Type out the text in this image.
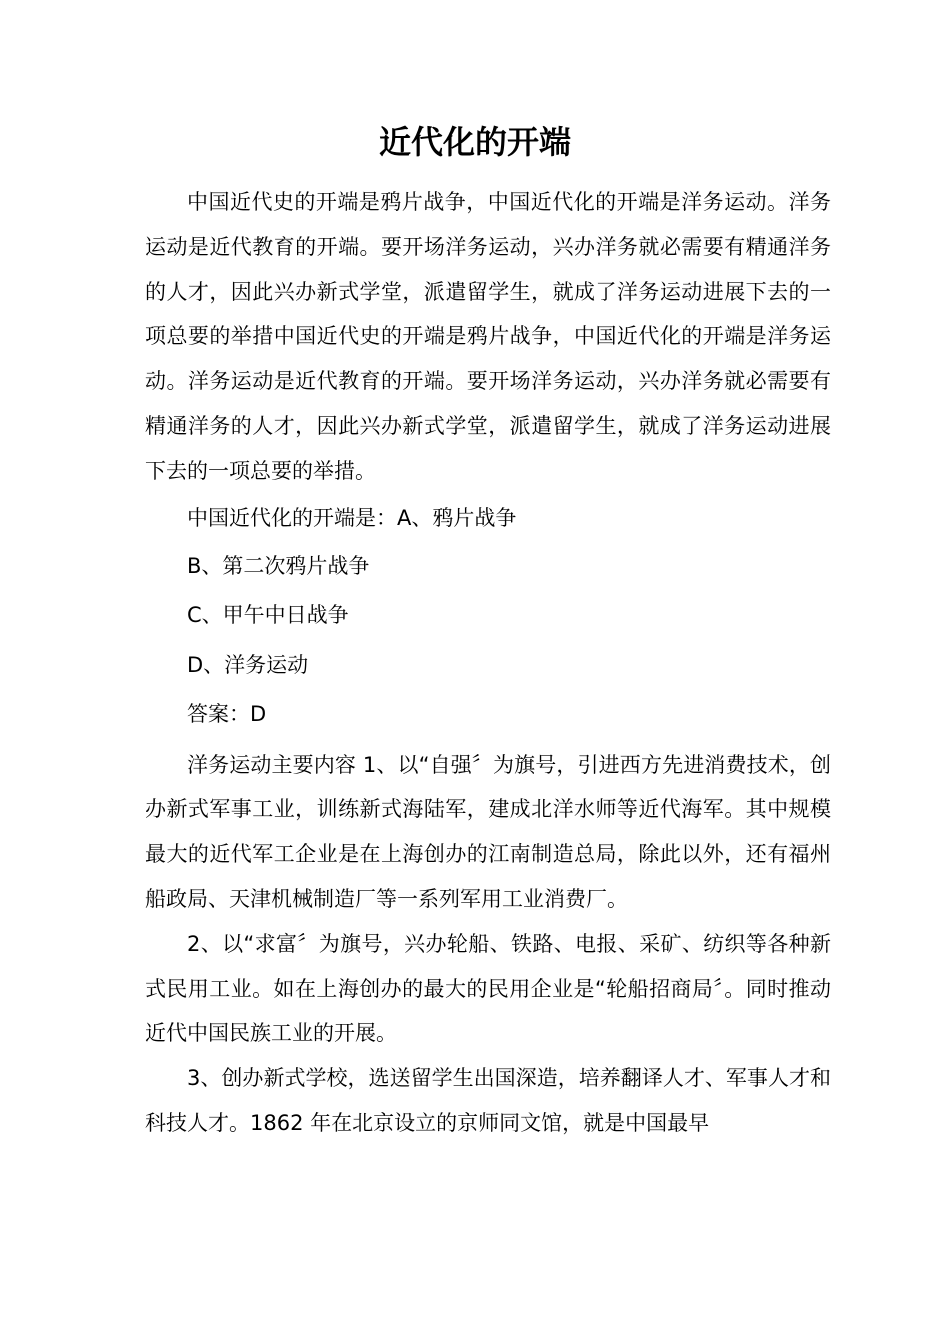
近代化的开端

中国近代史的开端是鸦片战争，中国近代化的开端是洋务运动。洋务运动是近代教育的开端。要开场洋务运动，兴办洋务就必需要有精通洋务的人才，因此兴办新式学堂，派遣留学生，就成了洋务运动进展下去的一项总要的举措中国近代史的开端是鸦片战争，中国近代化的开端是洋务运动。洋务运动是近代教育的开端。要开场洋务运动，兴办洋务就必需要有精通洋务的人才，因此兴办新式学堂，派遣留学生，就成了洋务运动进展下去的一项总要的举措。

中国近代化的开端是：A、鸦片战争

B、第二次鸦片战争

C、甲午中日战争

D、洋务运动

答案：D

洋务运动主要内容 1、以“自强〞为旗号，引进西方先进消费技术，创办新式军事工业，训练新式海陆军，建成北洋水师等近代海军。其中规模最大的近代军工企业是在上海创办的江南制造总局，除此以外，还有福州船政局、天津机械制造厂等一系列军用工业消费厂。

2、以“求富〞为旗号，兴办轮船、铁路、电报、采矿、纺织等各种新式民用工业。如在上海创办的最大的民用企业是“轮船招商局〞。同时推动近代中国民族工业的开展。

3、创办新式学校，选送留学生出国深造，培养翻译人才、军事人才和科技人才。1862 年在北京设立的京师同文馆，就是中国最早
